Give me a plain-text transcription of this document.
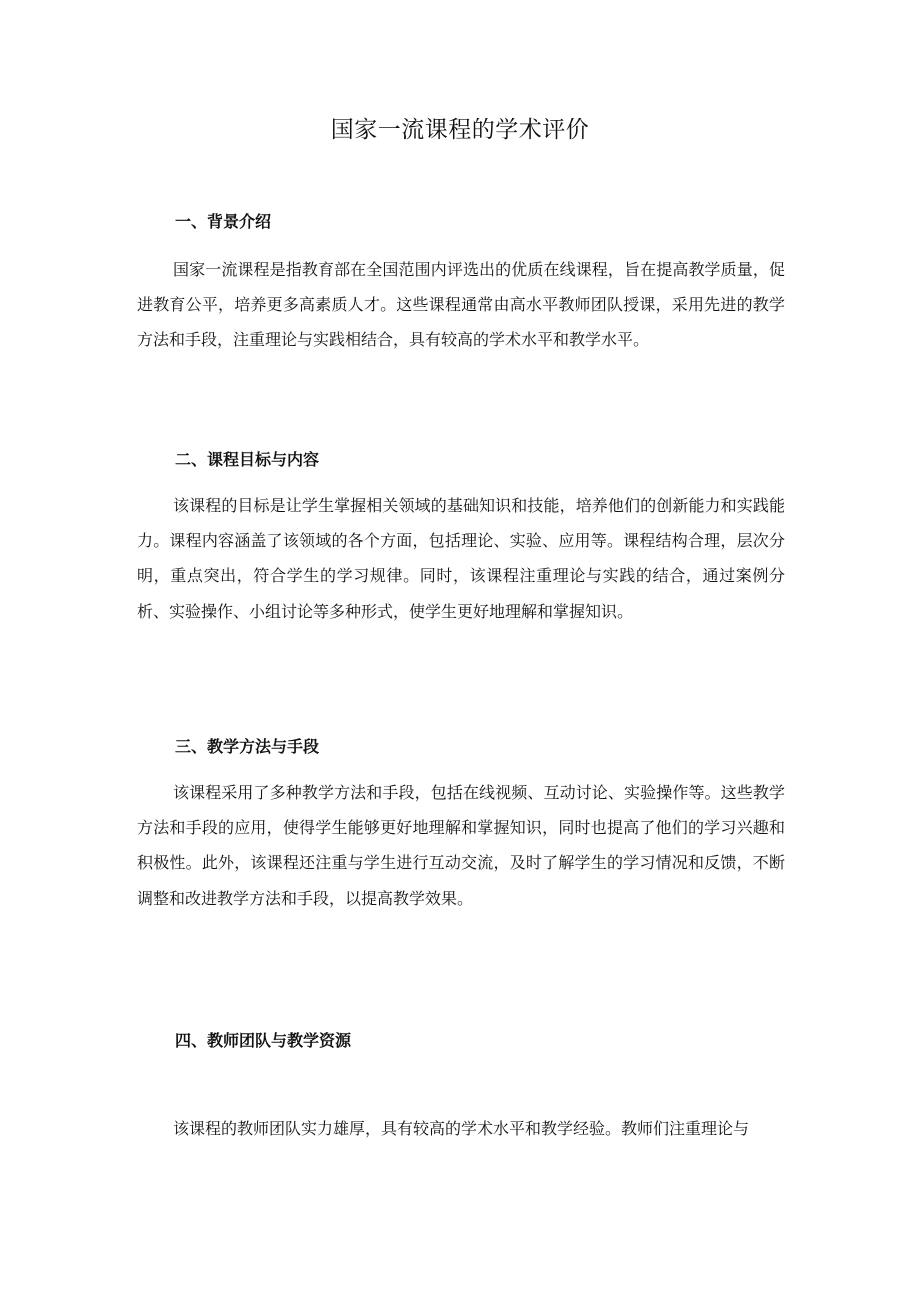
国家一流课程的学术评价
一、背景介绍

国家一流课程是指教育部在全国范围内评选出的优质在线课程，旨在提高教学质量，促进教育公平，培养更多高素质人才。这些课程通常由高水平教师团队授课，采用先进的教学方法和手段，注重理论与实践相结合，具有较高的学术水平和教学水平。

二、课程目标与内容

该课程的目标是让学生掌握相关领域的基础知识和技能，培养他们的创新能力和实践能力。课程内容涵盖了该领域的各个方面，包括理论、实验、应用等。课程结构合理，层次分明，重点突出，符合学生的学习规律。同时，该课程注重理论与实践的结合，通过案例分析、实验操作、小组讨论等多种形式，使学生更好地理解和掌握知识。

三、教学方法与手段

该课程采用了多种教学方法和手段，包括在线视频、互动讨论、实验操作等。这些教学方法和手段的应用，使得学生能够更好地理解和掌握知识，同时也提高了他们的学习兴趣和积极性。此外，该课程还注重与学生进行互动交流，及时了解学生的学习情况和反馈，不断调整和改进教学方法和手段，以提高教学效果。

四、教师团队与教学资源

该课程的教师团队实力雄厚，具有较高的学术水平和教学经验。教师们注重理论与
